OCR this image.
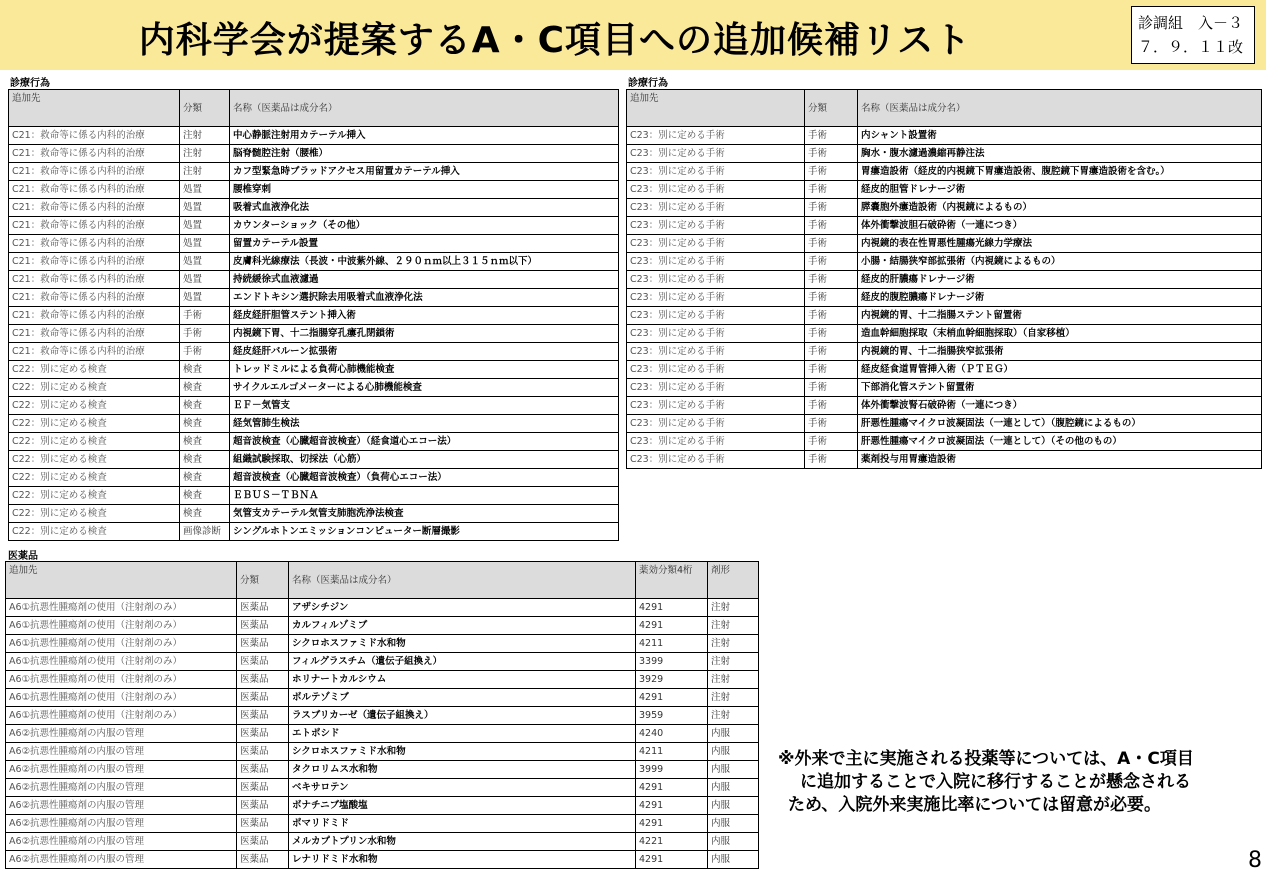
内科学会が提案するA・C項目への追加候補リスト	診調組　入－３
７．９．１１改
診療行為
追加先	分類	名称（医薬品は成分名）
C21：救命等に係る内科的治療	注射	中心静脈注射用カテーテル挿入
C21：救命等に係る内科的治療	注射	脳脊髄腔注射（腰椎）
C21：救命等に係る内科的治療	注射	カフ型緊急時ブラッドアクセス用留置カテーテル挿入
C21：救命等に係る内科的治療	処置	腰椎穿刺
C21：救命等に係る内科的治療	処置	吸着式血液浄化法
C21：救命等に係る内科的治療	処置	カウンターショック（その他）
C21：救命等に係る内科的治療	処置	留置カテーテル設置
C21：救命等に係る内科的治療	処置	皮膚科光線療法（長波・中波紫外線、２９０ｎｍ以上３１５ｎｍ以下）
C21：救命等に係る内科的治療	処置	持続緩徐式血液濾過
C21：救命等に係る内科的治療	処置	エンドトキシン選択除去用吸着式血液浄化法
C21：救命等に係る内科的治療	手術	経皮経肝胆管ステント挿入術
C21：救命等に係る内科的治療	手術	内視鏡下胃、十二指腸穿孔瘻孔閉鎖術
C21：救命等に係る内科的治療	手術	経皮経肝バルーン拡張術
C22：別に定める検査	検査	トレッドミルによる負荷心肺機能検査
C22：別に定める検査	検査	サイクルエルゴメーターによる心肺機能検査
C22：別に定める検査	検査	ＥＦ－気管支
C22：別に定める検査	検査	経気管肺生検法
C22：別に定める検査	検査	超音波検査（心臓超音波検査）（経食道心エコー法）
C22：別に定める検査	検査	組織試験採取、切採法（心筋）
C22：別に定める検査	検査	超音波検査（心臓超音波検査）（負荷心エコー法）
C22：別に定める検査	検査	ＥＢＵＳ－ＴＢＮＡ
C22：別に定める検査	検査	気管支カテーテル気管支肺胞洗浄法検査
C22：別に定める検査	画像診断	シングルホトンエミッションコンピューター断層撮影
診療行為
追加先	分類	名称（医薬品は成分名）
C23：別に定める手術	手術	内シャント設置術
C23：別に定める手術	手術	胸水・腹水濾過濃縮再静注法
C23：別に定める手術	手術	胃瘻造設術（経皮的内視鏡下胃瘻造設術、腹腔鏡下胃瘻造設術を含む。）
C23：別に定める手術	手術	経皮的胆管ドレナージ術
C23：別に定める手術	手術	膵嚢胞外瘻造設術（内視鏡によるもの）
C23：別に定める手術	手術	体外衝撃波胆石破砕術（一連につき）
C23：別に定める手術	手術	内視鏡的表在性胃悪性腫瘍光線力学療法
C23：別に定める手術	手術	小腸・結腸狭窄部拡張術（内視鏡によるもの）
C23：別に定める手術	手術	経皮的肝膿瘍ドレナージ術
C23：別に定める手術	手術	経皮的腹腔膿瘍ドレナージ術
C23：別に定める手術	手術	内視鏡的胃、十二指腸ステント留置術
C23：別に定める手術	手術	造血幹細胞採取（末梢血幹細胞採取）（自家移植）
C23：別に定める手術	手術	内視鏡的胃、十二指腸狭窄拡張術
C23：別に定める手術	手術	経皮経食道胃管挿入術（ＰＴＥＧ）
C23：別に定める手術	手術	下部消化管ステント留置術
C23：別に定める手術	手術	体外衝撃波腎石破砕術（一連につき）
C23：別に定める手術	手術	肝悪性腫瘍マイクロ波凝固法（一連として）（腹腔鏡によるもの）
C23：別に定める手術	手術	肝悪性腫瘍マイクロ波凝固法（一連として）（その他のもの）
C23：別に定める手術	手術	薬剤投与用胃瘻造設術
医薬品
追加先	分類	名称（医薬品は成分名）	薬効分類4桁	剤形
A6①抗悪性腫瘍剤の使用（注射剤のみ）	医薬品	アザシチジン	4291	注射
A6①抗悪性腫瘍剤の使用（注射剤のみ）	医薬品	カルフィルゾミブ	4291	注射
A6①抗悪性腫瘍剤の使用（注射剤のみ）	医薬品	シクロホスファミド水和物	4211	注射
A6①抗悪性腫瘍剤の使用（注射剤のみ）	医薬品	フィルグラスチム（遺伝子組換え）	3399	注射
A6①抗悪性腫瘍剤の使用（注射剤のみ）	医薬品	ホリナートカルシウム	3929	注射
A6①抗悪性腫瘍剤の使用（注射剤のみ）	医薬品	ボルテゾミブ	4291	注射
A6①抗悪性腫瘍剤の使用（注射剤のみ）	医薬品	ラスブリカーゼ（遺伝子組換え）	3959	注射
A6②抗悪性腫瘍剤の内服の管理	医薬品	エトポシド	4240	内服
A6②抗悪性腫瘍剤の内服の管理	医薬品	シクロホスファミド水和物	4211	内服
A6②抗悪性腫瘍剤の内服の管理	医薬品	タクロリムス水和物	3999	内服
A6②抗悪性腫瘍剤の内服の管理	医薬品	ベキサロテン	4291	内服
A6②抗悪性腫瘍剤の内服の管理	医薬品	ボナチニブ塩酸塩	4291	内服
A6②抗悪性腫瘍剤の内服の管理	医薬品	ポマリドミド	4291	内服
A6②抗悪性腫瘍剤の内服の管理	医薬品	メルカプトプリン水和物	4221	内服
A6②抗悪性腫瘍剤の内服の管理	医薬品	レナリドミド水和物	4291	内服
※外来で主に実施される投薬等については、A・C項目
に追加することで入院に移行することが懸念される
ため、入院外来実施比率については留意が必要。
8
